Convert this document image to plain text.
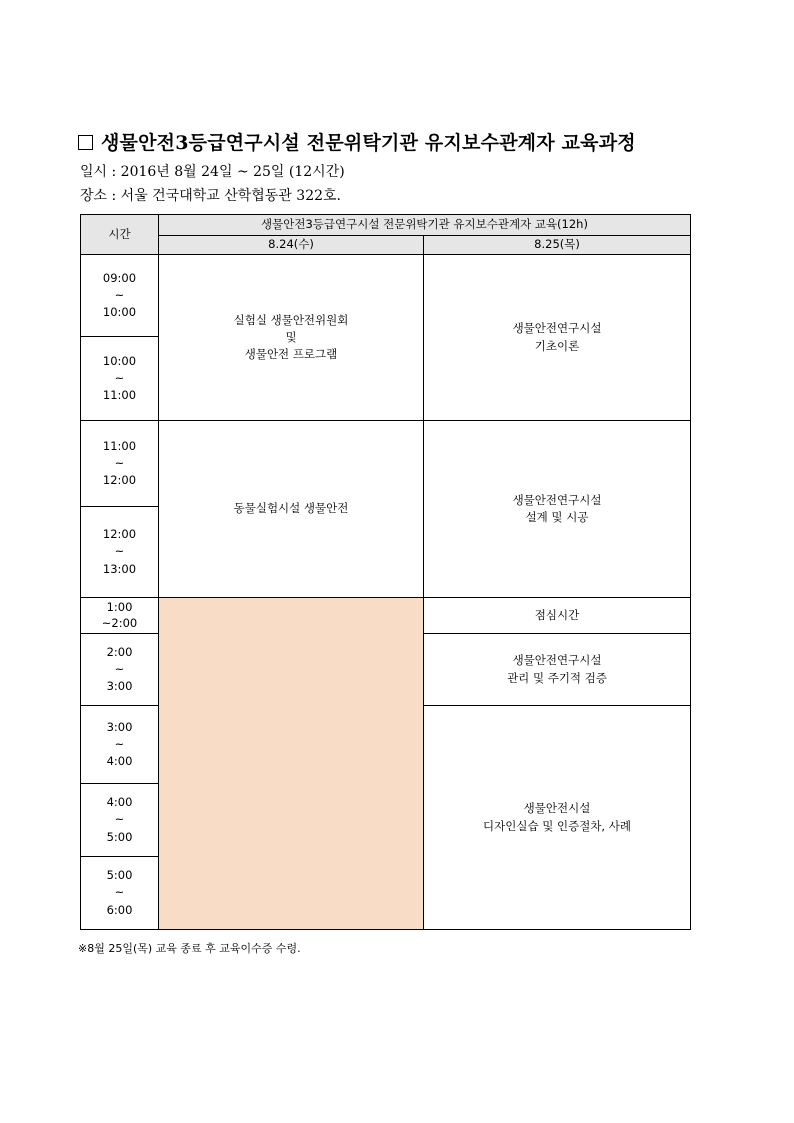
생물안전3등급연구시설 전문위탁기관 유지보수관계자 교육과정
일시 : 2016년 8월 24일 ~ 25일 (12시간)
장소 : 서울 건국대학교 산학협동관 322호.
시간	생물안전3등급연구시설 전문위탁기관 유지보수관계자 교육(12h)	
	8.24(수)	8.25(목)

09:00
~
10:00	실험실 생물안전위원회
및
생물안전 프로그램	생물안전연구시설
기초이론

10:00
~
11:00		

11:00
~
12:00	동물실험시설 생물안전	생물안전연구시설
설계 및 시공

12:00
~
13:00		

1:00
~2:00		점심시간

2:00
~
3:00		생물안전연구시설
관리 및 주기적 검증

3:00
~
4:00		생물안전시설
디자인실습 및 인증절차, 사례

4:00
~
5:00		

5:00
~
6:00		
※8월 25일(목) 교육 종료 후 교육이수증 수령.
